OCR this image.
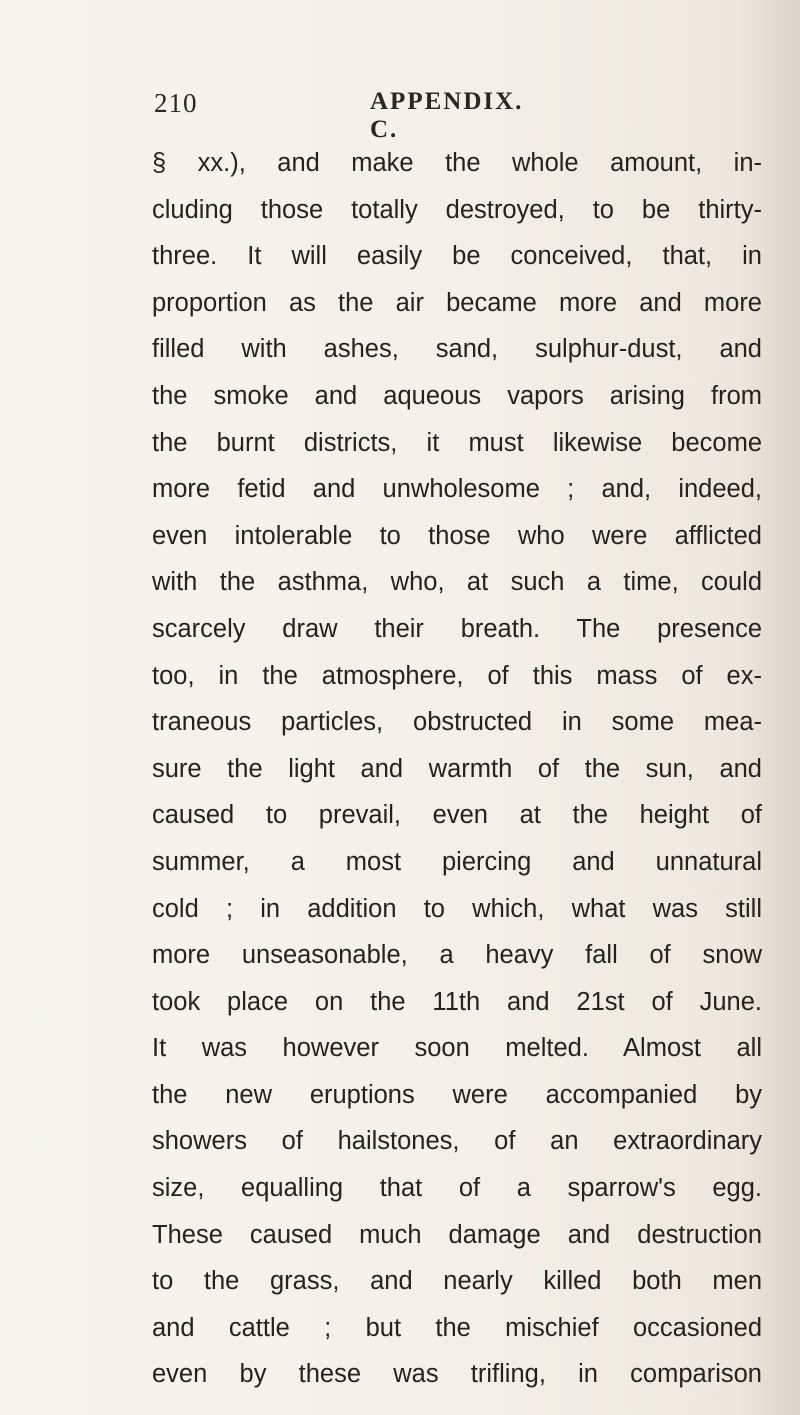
210	APPENDIX. C.
§ xx.), and make the whole amount, in-
cluding those totally destroyed, to be thirty-
three. It will easily be conceived, that, in
proportion as the air became more and more
filled with ashes, sand, sulphur-dust, and
the smoke and aqueous vapors arising from
the burnt districts, it must likewise become
more fetid and unwholesome ; and, indeed,
even intolerable to those who were afflicted
with the asthma, who, at such a time, could
scarcely draw their breath. The presence
too, in the atmosphere, of this mass of ex-
traneous particles, obstructed in some mea-
sure the light and warmth of the sun, and
caused to prevail, even at the height of
summer, a most piercing and unnatural
cold ; in addition to which, what was still
more unseasonable, a heavy fall of snow
took place on the 11th and 21st of June.
It was however soon melted. Almost all
the new eruptions were accompanied by
showers of hailstones, of an extraordinary
size, equalling that of a sparrow's egg.
These caused much damage and destruction
to the grass, and nearly killed both men
and cattle ; but the mischief occasioned
even by these was trifling, in comparison
